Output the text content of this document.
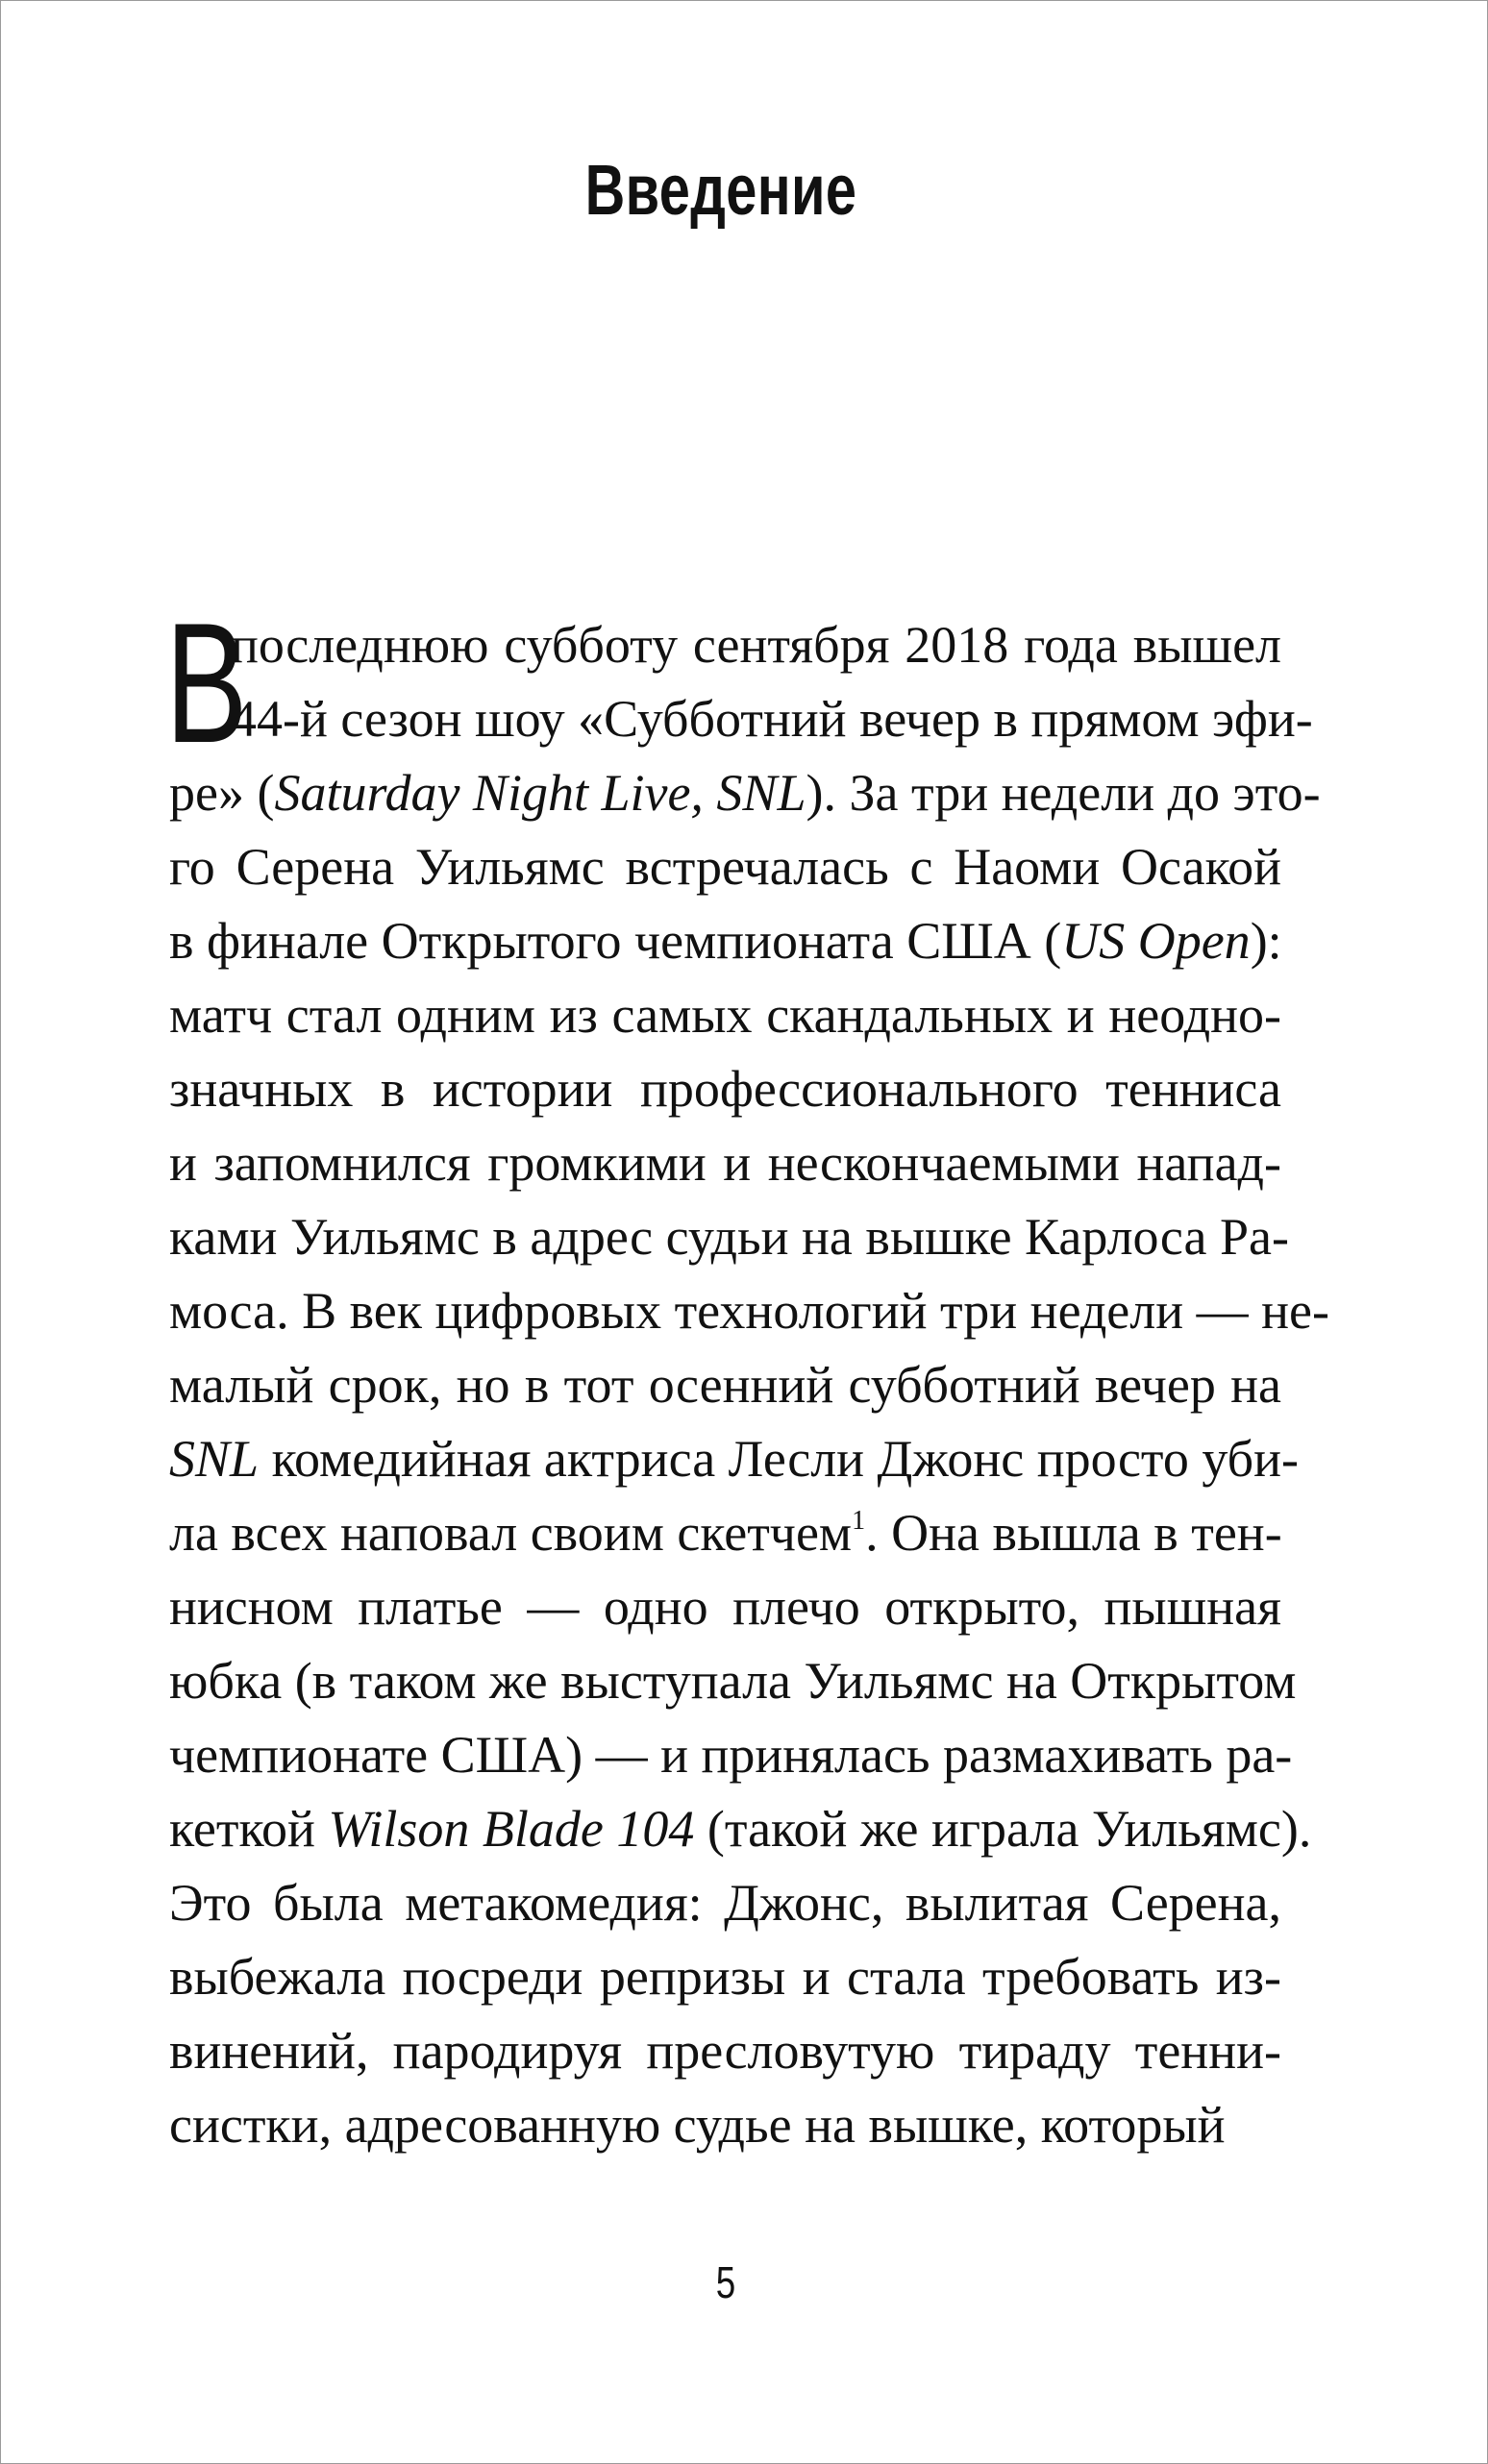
Введение
В
последнюю субботу сентября 2018 года вышел
44-й сезон шоу «Субботний вечер в прямом эфи-
ре» (Saturday Night Live, SNL). За три недели до это-
го Серена Уильямс встречалась с Наоми Осакой
в финале Открытого чемпионата США (US Open):
матч стал одним из самых скандальных и неодно-
значных в истории профессионального тенниса
и запомнился громкими и нескончаемыми напад-
ками Уильямс в адрес судьи на вышке Карлоса Ра-
моса. В век цифровых технологий три недели — не-
малый срок, но в тот осенний субботний вечер на
SNL комедийная актриса Лесли Джонс просто уби-
ла всех наповал своим скетчем$^1$. Она вышла в тен-
нисном платье — одно плечо открыто, пышная
юбка (в таком же выступала Уильямс на Открытом
чемпионате США) — и принялась размахивать ра-
кеткой Wilson Blade 104 (такой же играла Уильямс).
Это была метакомедия: Джонс, вылитая Серена,
выбежала посреди репризы и стала требовать из-
винений, пародируя пресловутую тираду тенни-
систки, адресованную судье на вышке, который
5
